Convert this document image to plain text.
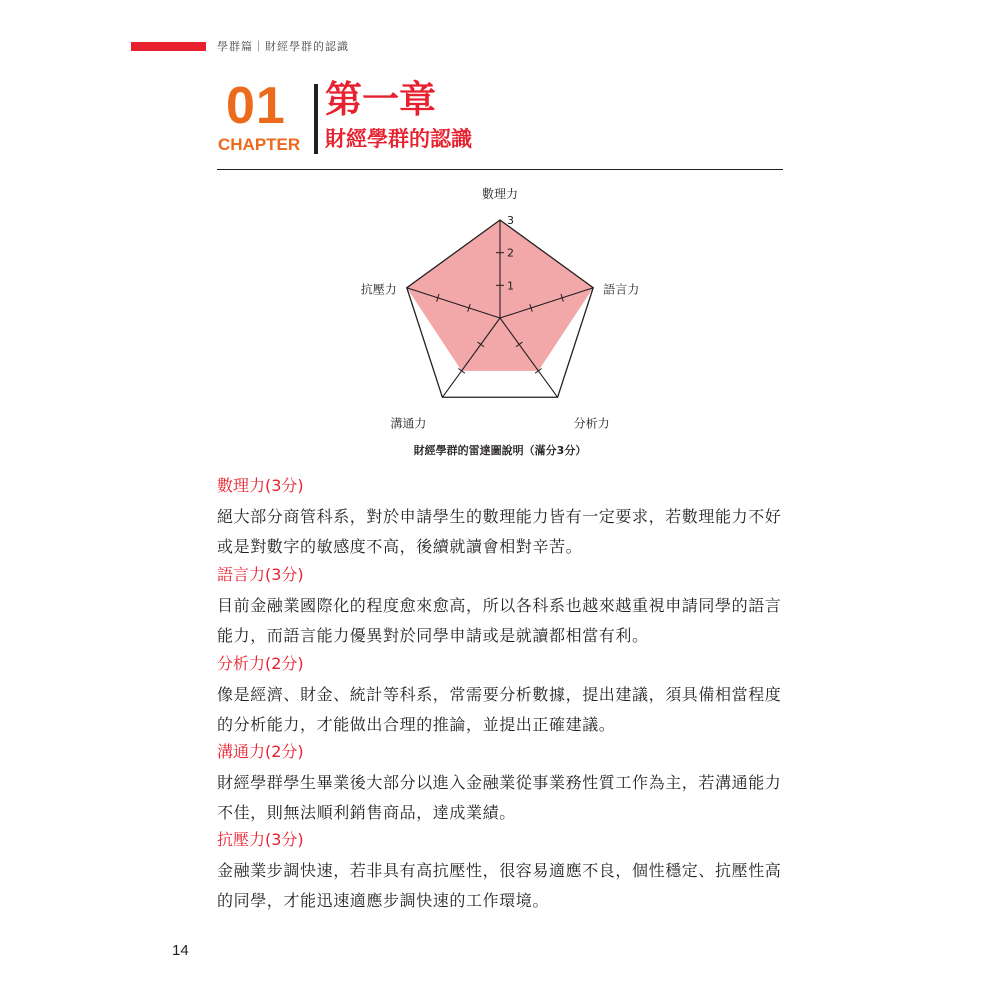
學群篇｜財經學群的認識
01
CHAPTER
第一章
財經學群的認識
1
2
3
數理力
語言力
分析力
溝通力
抗壓力
財經學群的雷達圖說明（滿分3分）
數理力(3分)
絕大部分商管科系，對於申請學生的數理能力皆有一定要求，若數理能力不好或是對數字的敏感度不高，後續就讀會相對辛苦。
語言力(3分)
目前金融業國際化的程度愈來愈高，所以各科系也越來越重視申請同學的語言能力，而語言能力優異對於同學申請或是就讀都相當有利。
分析力(2分)
像是經濟、財金、統計等科系，常需要分析數據，提出建議，須具備相當程度的分析能力，才能做出合理的推論，並提出正確建議。
溝通力(2分)
財經學群學生畢業後大部分以進入金融業從事業務性質工作為主，若溝通能力不佳，則無法順利銷售商品，達成業績。
抗壓力(3分)
金融業步調快速，若非具有高抗壓性，很容易適應不良，個性穩定、抗壓性高的同學，才能迅速適應步調快速的工作環境。
14
